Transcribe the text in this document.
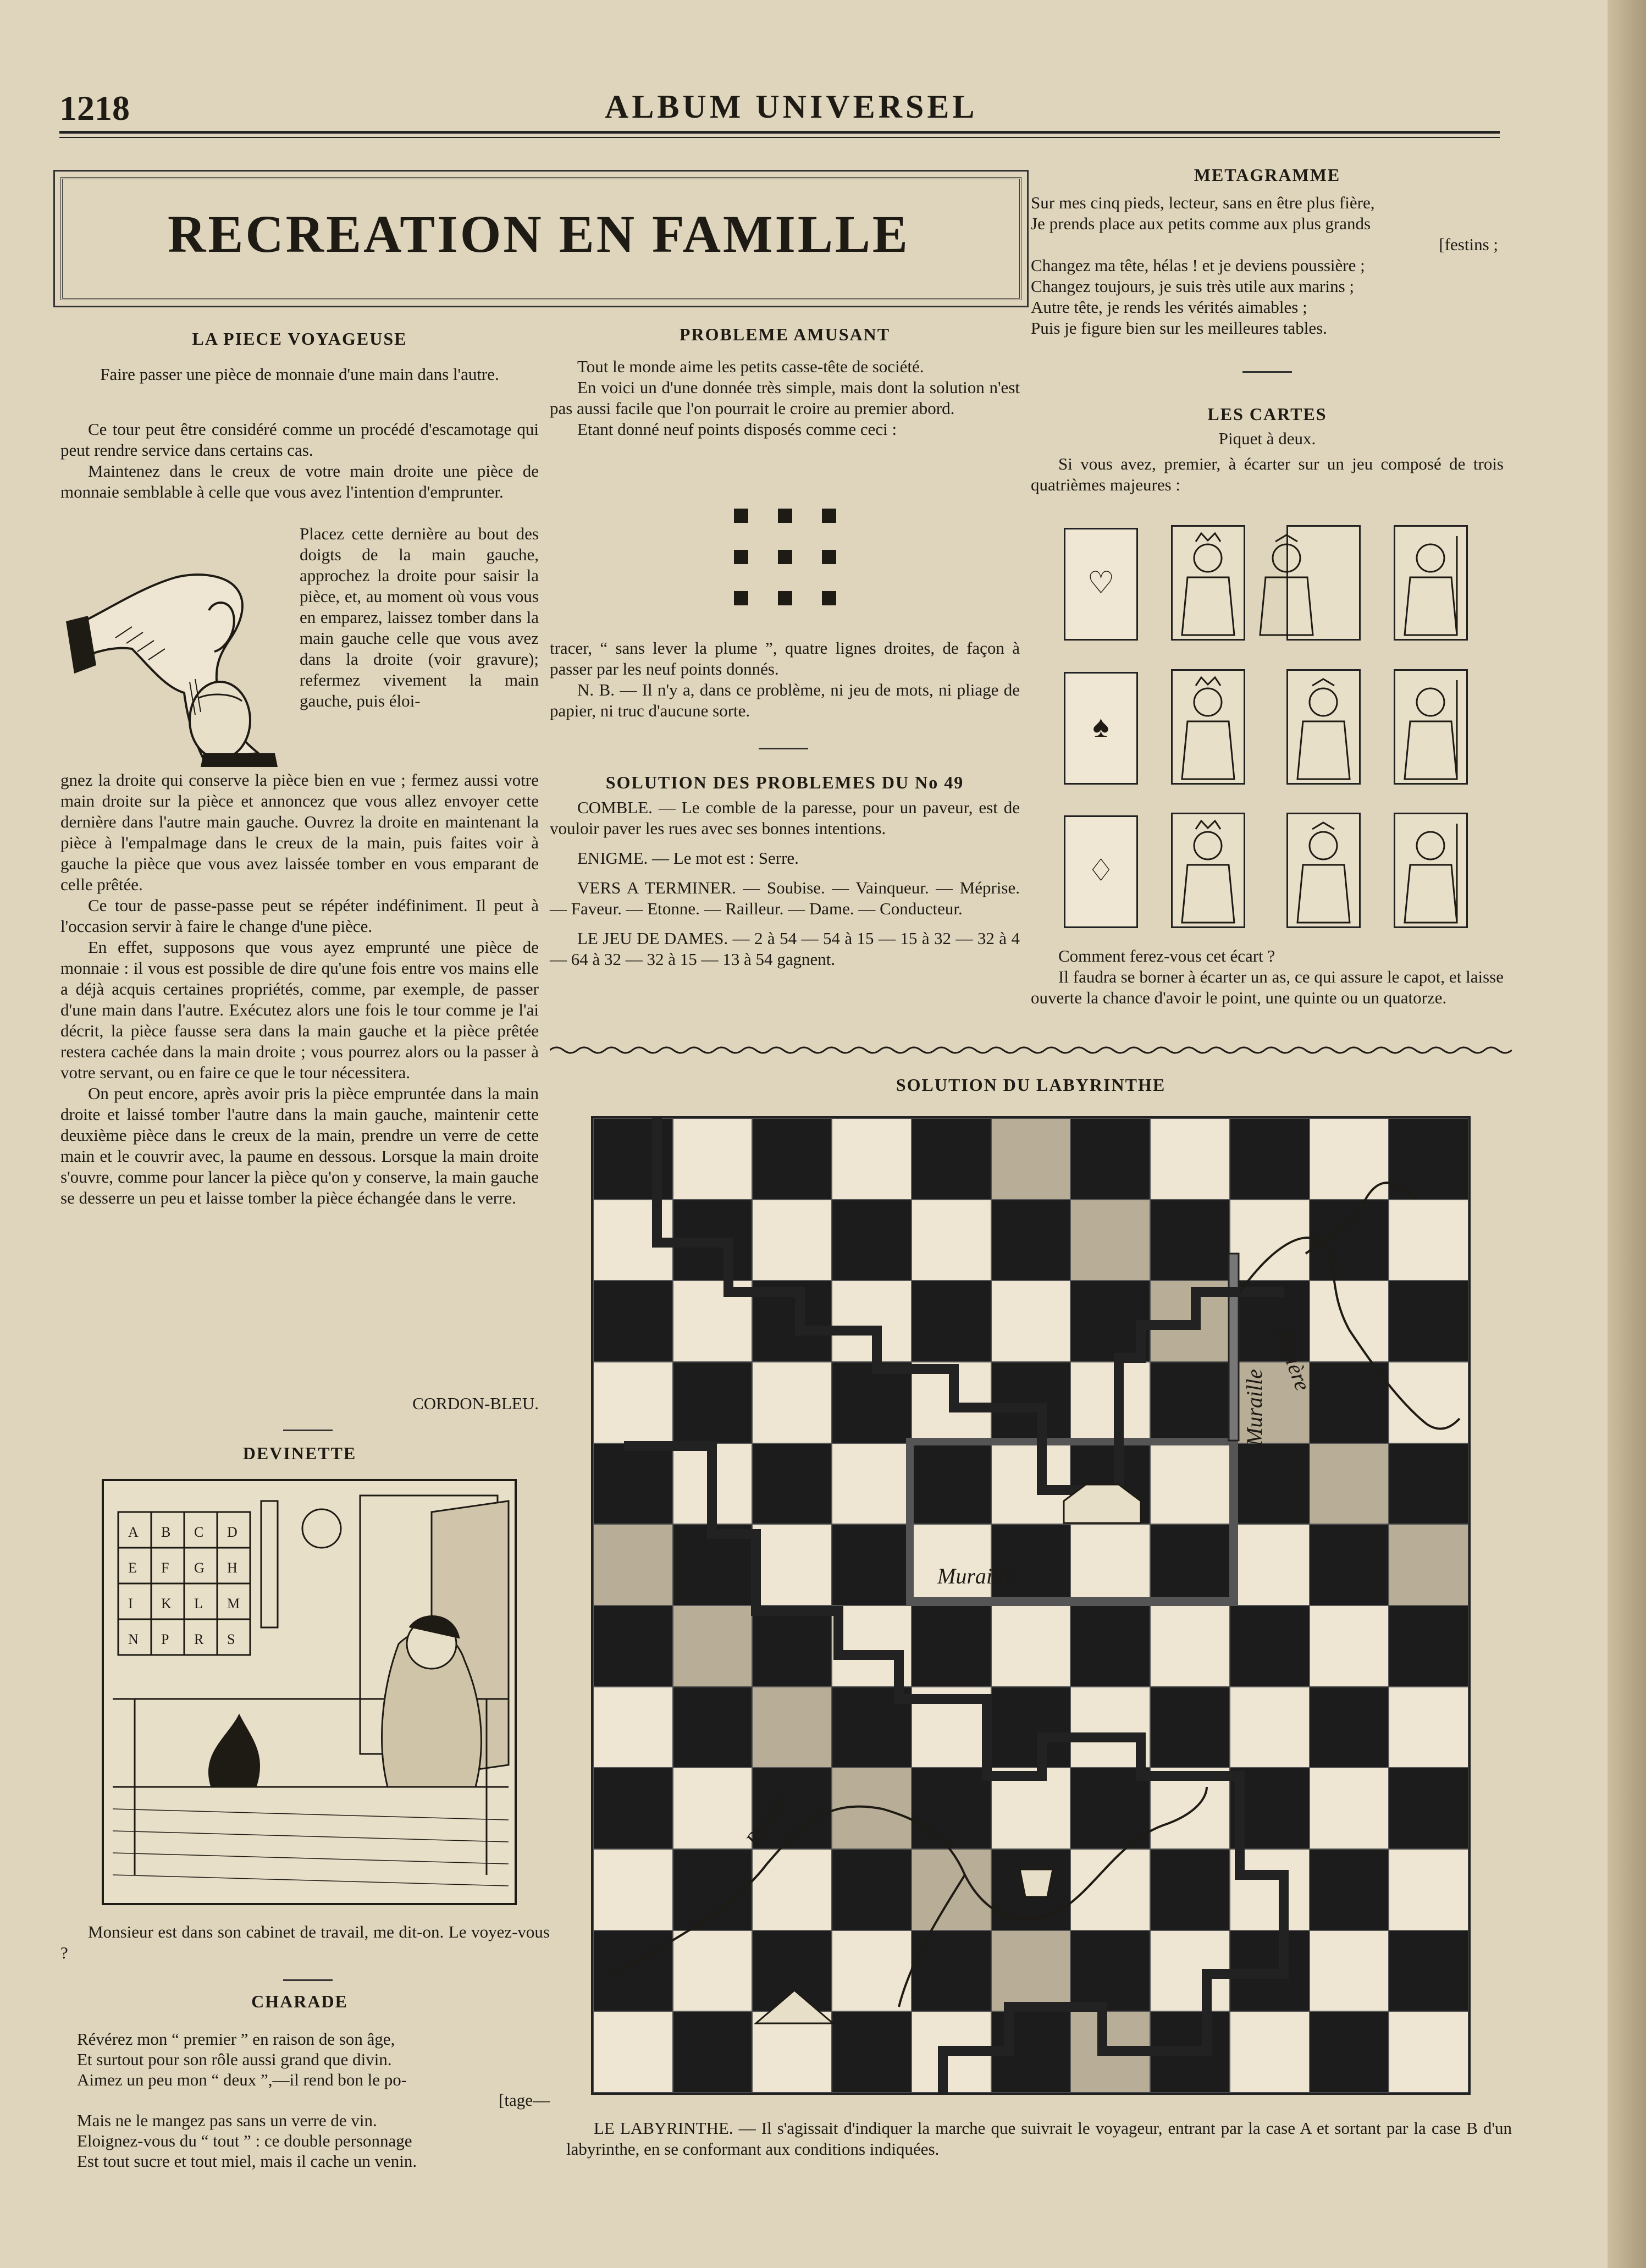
1218	ALBUM UNIVERSEL
RECREATION EN FAMILLE
LA PIECE VOYAGEUSE
Faire passer une pièce de monnaie d'une main dans l'autre.

Ce tour peut être considéré comme un procédé d'escamotage qui peut rendre service dans certains cas.

Maintenez dans le creux de votre main droite une pièce de monnaie semblable à celle que vous avez l'intention d'emprunter.

Placez cette dernière au bout des doigts de la main gauche, approchez la droite pour saisir la pièce, et, au moment où vous vous en emparez, laissez tomber dans la main gauche celle que vous avez dans la droite (voir gravure); refermez vivement la main gauche, puis éloi-

gnez la droite qui conserve la pièce bien en vue ; fermez aussi votre main droite sur la pièce et annoncez que vous allez envoyer cette dernière dans l'autre main gauche. Ouvrez la droite en maintenant la pièce à l'empalmage dans le creux de la main, puis faites voir à gauche la pièce que vous avez laissée tomber en vous emparant de celle prêtée.

Ce tour de passe-passe peut se répéter indéfiniment. Il peut à l'occasion servir à faire le change d'une pièce.

En effet, supposons que vous ayez emprunté une pièce de monnaie : il vous est possible de dire qu'une fois entre vos mains elle a déjà acquis certaines propriétés, comme, par exemple, de passer d'une main dans l'autre. Exécutez alors une fois le tour comme je l'ai décrit, la pièce fausse sera dans la main gauche et la pièce prêtée restera cachée dans la main droite ; vous pourrez alors ou la passer à votre servant, ou en faire ce que le tour nécessitera.

On peut encore, après avoir pris la pièce empruntée dans la main droite et laissé tomber l'autre dans la main gauche, maintenir cette deuxième pièce dans le creux de la main, prendre un verre de cette main et le couvrir avec, la paume en dessous. Lorsque la main droite s'ouvre, comme pour lancer la pièce qu'on y conserve, la main gauche se desserre un peu et laisse tomber la pièce échangée dans le verre.

CORDON-BLEU.
DEVINETTE
A B C D
E F G H
I K L M
N P R S

Monsieur est dans son cabinet de travail, me dit-on. Le voyez-vous ?

CHARADE
Révérez mon “ premier ” en raison de son âge,
Et surtout pour son rôle aussi grand que divin.
Aimez un peu mon “ deux ”,—il rend bon le po-
[tage—
Mais ne le mangez pas sans un verre de vin.
Eloignez-vous du “ tout ” : ce double personnage
Est tout sucre et tout miel, mais il cache un venin.
PROBLEME AMUSANT

Tout le monde aime les petits casse-tête de société.

En voici un d'une donnée très simple, mais dont la solution n'est pas aussi facile que l'on pourrait le croire au premier abord.

Etant donné neuf points disposés comme ceci :

tracer, “ sans lever la plume ”, quatre lignes droites, de façon à passer par les neuf points donnés.

N. B. — Il n'y a, dans ce problème, ni jeu de mots, ni pliage de papier, ni truc d'aucune sorte.

SOLUTION DES PROBLEMES DU No 49

COMBLE. — Le comble de la paresse, pour un paveur, est de vouloir paver les rues avec ses bonnes intentions.

ENIGME. — Le mot est : Serre.

VERS A TERMINER. — Soubise. — Vainqueur. — Méprise. — Faveur. — Etonne. — Railleur. — Dame. — Conducteur.

LE JEU DE DAMES. — 2 à 54 — 54 à 15 — 15 à 32 — 32 à 4 — 64 à 32 — 32 à 15 — 13 à 54 gagnent.

METAGRAMME
Sur mes cinq pieds, lecteur, sans en être plus fière,
Je prends place aux petits comme aux plus grands
[festins ;
Changez ma tête, hélas ! et je deviens poussière ;
Changez toujours, je suis très utile aux marins ;
Autre tête, je rends les vérités aimables ;
Puis je figure bien sur les meilleures tables.
LES CARTES
Piquet à deux.

Si vous avez, premier, à écarter sur un jeu composé de trois quatrièmes majeures :

♡
♠
♢

Comment ferez-vous cet écart ?

Il faudra se borner à écarter un as, ce qui assure le capot, et laisse ouverte la chance d'avoir le point, une quinte ou un quatorze.

SOLUTION DU LABYRINTHE
Muraille
Rivière
Muraille
Rivière

LE LABYRINTHE. — Il s'agissait d'indiquer la marche que suivrait le voyageur, entrant par la case A et sortant par la case B d'un labyrinthe, en se conformant aux conditions indiquées.
